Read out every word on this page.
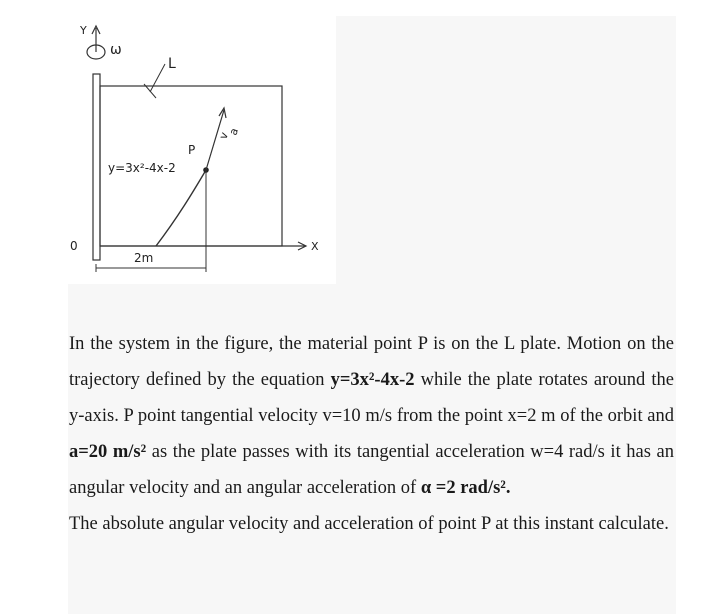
Y
ω
L
X
0
P
v
a
y=3x²-4x-2
2m

In the system in the figure, the material point P is on the L plate. Motion on the trajectory defined by the equation y=3x²-4x-2 while the plate rotates around the y-axis. P point tangential velocity v=10 m/s from the point x=2 m of the orbit and a=20 m/s² as the plate passes with its tangential acceleration w=4 rad/s it has an angular velocity and an angular acceleration of α =2 rad/s².

The absolute angular velocity and acceleration of point P at this instant calculate.
